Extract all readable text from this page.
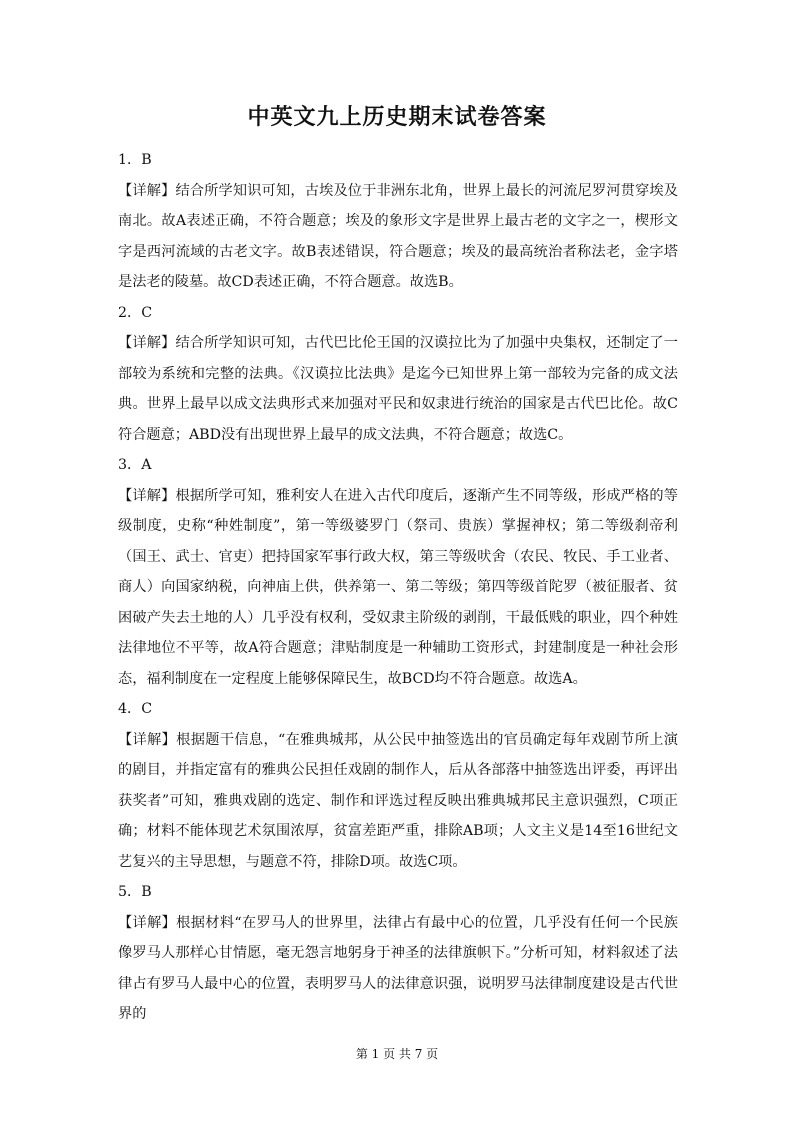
中英文九上历史期末试卷答案

1．B

【详解】结合所学知识可知，古埃及位于非洲东北角，世界上最长的河流尼罗河贯穿埃及南北。故A表述正确，不符合题意；埃及的象形文字是世界上最古老的文字之一，楔形文字是西河流域的古老文字。故B表述错误，符合题意；埃及的最高统治者称法老，金字塔是法老的陵墓。故CD表述正确，不符合题意。故选B。

2．C

【详解】结合所学知识可知，古代巴比伦王国的汉谟拉比为了加强中央集权，还制定了一部较为系统和完整的法典。《汉谟拉比法典》是迄今已知世界上第一部较为完备的成文法典。世界上最早以成文法典形式来加强对平民和奴隶进行统治的国家是古代巴比伦。故C符合题意；ABD没有出现世界上最早的成文法典，不符合题意；故选C。

3．A

【详解】根据所学可知，雅利安人在进入古代印度后，逐渐产生不同等级，形成严格的等级制度，史称“种姓制度”，第一等级婆罗门（祭司、贵族）掌握神权；第二等级刹帝利（国王、武士、官吏）把持国家军事行政大权，第三等级吠舍（农民、牧民、手工业者、商人）向国家纳税，向神庙上供，供养第一、第二等级；第四等级首陀罗（被征服者、贫困破产失去土地的人）几乎没有权利，受奴隶主阶级的剥削，干最低贱的职业，四个种姓法律地位不平等，故A符合题意；津贴制度是一种辅助工资形式，封建制度是一种社会形态，福利制度在一定程度上能够保障民生，故BCD均不符合题意。故选A。

4．C

【详解】根据题干信息，“在雅典城邦，从公民中抽签选出的官员确定每年戏剧节所上演的剧目，并指定富有的雅典公民担任戏剧的制作人，后从各部落中抽签选出评委，再评出获奖者”可知，雅典戏剧的选定、制作和评选过程反映出雅典城邦民主意识强烈，C项正确；材料不能体现艺术氛围浓厚，贫富差距严重，排除AB项；人文主义是14至16世纪文艺复兴的主导思想，与题意不符，排除D项。故选C项。

5．B

【详解】根据材料“在罗马人的世界里，法律占有最中心的位置，几乎没有任何一个民族像罗马人那样心甘情愿，毫无怨言地躬身于神圣的法律旗帜下。”分析可知，材料叙述了法律占有罗马人最中心的位置，表明罗马人的法律意识强，说明罗马法律制度建设是古代世界的

第 1 页 共 7 页
